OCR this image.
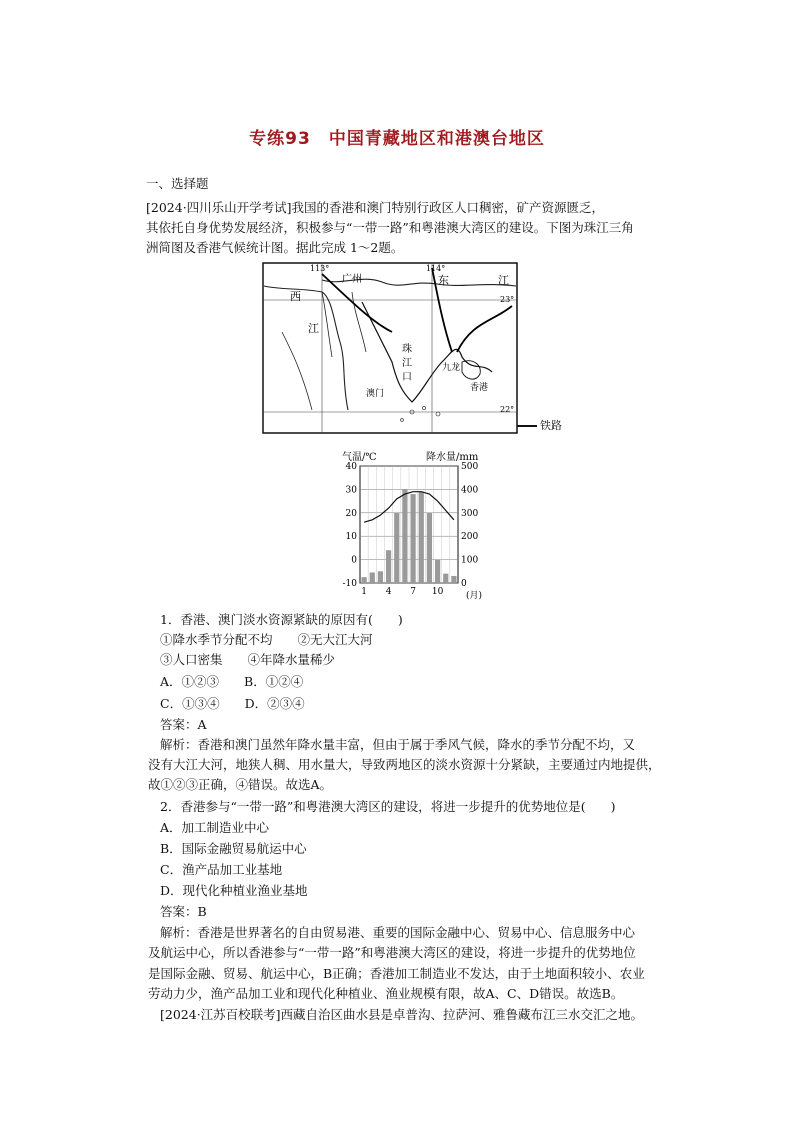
专练93　中国青藏地区和港澳台地区
一、选择题
[2024·四川乐山开学考试]我国的香港和澳门特别行政区人口稠密，矿产资源匮乏，
其依托自身优势发展经济，积极参与“一带一路”和粤港澳大湾区的建设。下图为珠江三角
洲简图及香港气候统计图。据此完成 1～2题。
113°	114°
23°
22°
广州	东	江
西
江
珠
江
口
澳门
九龙
香港
铁路
气温/℃	降水量/mm
40
30
20
10
0
-10
500
400
300
200
100
0
1 4 7 10	(月)
1．香港、澳门淡水资源紧缺的原因有(　　)
①降水季节分配不均　　②无大江大河
③人口密集　　④年降水量稀少
A．①②③　　B．①②④
C．①③④　　D．②③④
答案：A
解析：香港和澳门虽然年降水量丰富，但由于属于季风气候，降水的季节分配不均，又
没有大江大河，地狭人稠、用水量大，导致两地区的淡水资源十分紧缺，主要通过内地提供，
故①②③正确，④错误。故选A。
2．香港参与“一带一路”和粤港澳大湾区的建设，将进一步提升的优势地位是(　　)
A．加工制造业中心
B．国际金融贸易航运中心
C．渔产品加工业基地
D．现代化种植业渔业基地
答案：B
解析：香港是世界著名的自由贸易港、重要的国际金融中心、贸易中心、信息服务中心
及航运中心，所以香港参与“一带一路”和粤港澳大湾区的建设，将进一步提升的优势地位
是国际金融、贸易、航运中心，B正确；香港加工制造业不发达，由于土地面积较小、农业
劳动力少，渔产品加工业和现代化种植业、渔业规模有限，故A、C、D错误。故选B。
[2024·江苏百校联考]西藏自治区曲水县是卓普沟、拉萨河、雅鲁藏布江三水交汇之地。
